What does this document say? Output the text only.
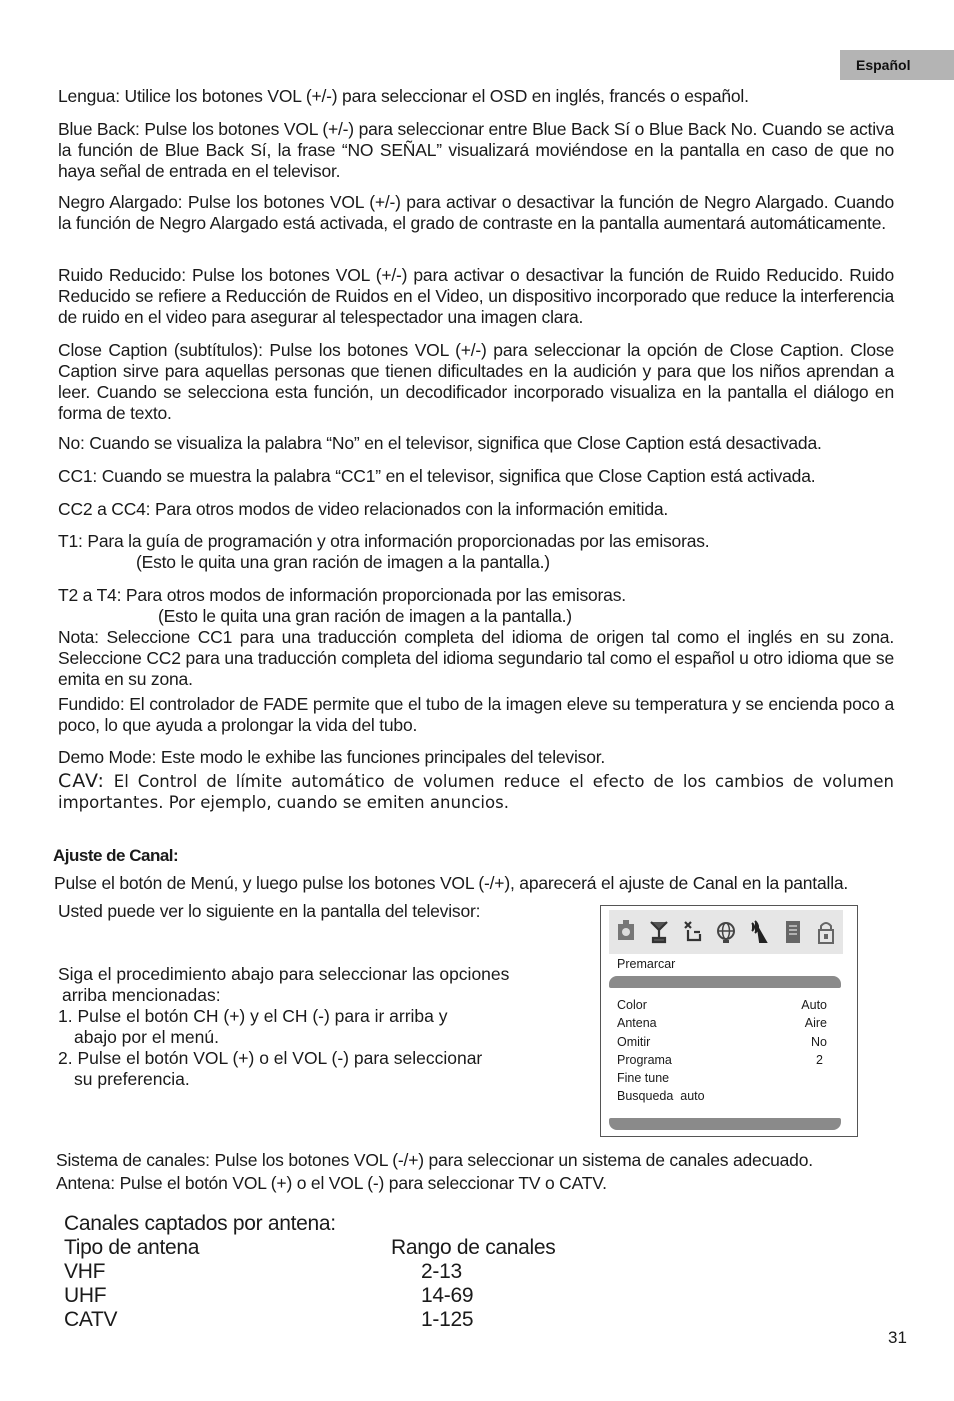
Español

Lengua: Utilice los botones VOL (+/-) para seleccionar el OSD en inglés, francés o español.

Blue Back: Pulse los botones VOL (+/-) para seleccionar entre Blue Back Sí o Blue Back No. Cuando se activa la función de Blue Back Sí, la frase “NO SEÑAL” visualizará moviéndose en la pantalla en caso de que no haya señal de entrada en el televisor.

Negro Alargado: Pulse los botones VOL (+/-) para activar o desactivar la función de Negro Alargado. Cuando la función de Negro Alargado está activada, el grado de contraste en la pantalla aumentará automáticamente.

Ruido Reducido: Pulse los botones VOL (+/-) para activar o desactivar la función de Ruido Reducido. Ruido Reducido se refiere a Reducción de Ruidos en el Video, un dispositivo incorporado que reduce la interferencia de ruido en el video para asegurar al telespectador una imagen clara.

Close Caption (subtítulos): Pulse los botones VOL (+/-) para seleccionar la opción de Close Caption. Close Caption sirve para aquellas personas que tienen dificultades en la audición y para que los niños aprendan a leer. Cuando se selecciona esta función, un decodificador incorporado visualiza en la pantalla el diálogo en forma de texto.

No: Cuando se visualiza la palabra “No” en el televisor, significa que Close Caption está desactivada.

CC1: Cuando se muestra la palabra “CC1” en el televisor, significa que Close Caption está activada.

CC2 a CC4: Para otros modos de video relacionados con la información emitida.

T1: Para la guía de programación y otra información proporcionadas por las emisoras.
(Esto le quita una gran ración de imagen a la pantalla.)
T2 a T4: Para otros modos de información proporcionada por las emisoras.
(Esto le quita una gran ración de imagen a la pantalla.)

Nota: Seleccione CC1 para una traducción completa del idioma de origen tal como el inglés en su zona. Seleccione CC2 para una traducción completa del idioma segundario tal como el español u otro idioma que se emita en su zona.

Fundido: El controlador de FADE permite que el tubo de la imagen eleve su temperatura y se encienda poco a poco, lo que ayuda a prolongar la vida del tubo.

Demo Mode: Este modo le exhibe las funciones principales del televisor.

CAV: El Control de límite automático de volumen reduce el efecto de los cambios de volumen importantes. Por ejemplo, cuando se emiten anuncios.

Ajuste de Canal:

Pulse el botón de Menú, y luego pulse los botones VOL (-/+), aparecerá el ajuste de Canal en la pantalla.

Usted puede ver lo siguiente en la pantalla del televisor:

Siga el procedimiento abajo para seleccionar las opciones
arriba mencionadas:
1. Pulse el botón CH (+) y el CH (-) para ir arriba y
abajo por el menú.
2. Pulse el botón VOL (+) o el VOL (-) para seleccionar
su preferencia.
Premarcar
Color	Auto
Antena	Aire
Omitir	No
Programa	2
Fine tune
Busqueda  auto

Sistema de canales: Pulse los botones VOL (-/+) para seleccionar un sistema de canales adecuado.

Antena: Pulse el botón VOL (+) o el VOL (-) para seleccionar TV o CATV.

Canales captados por antena:
Tipo de antena	Rango de canales
VHF	2-13
UHF	14-69
CATV	1-125
31
